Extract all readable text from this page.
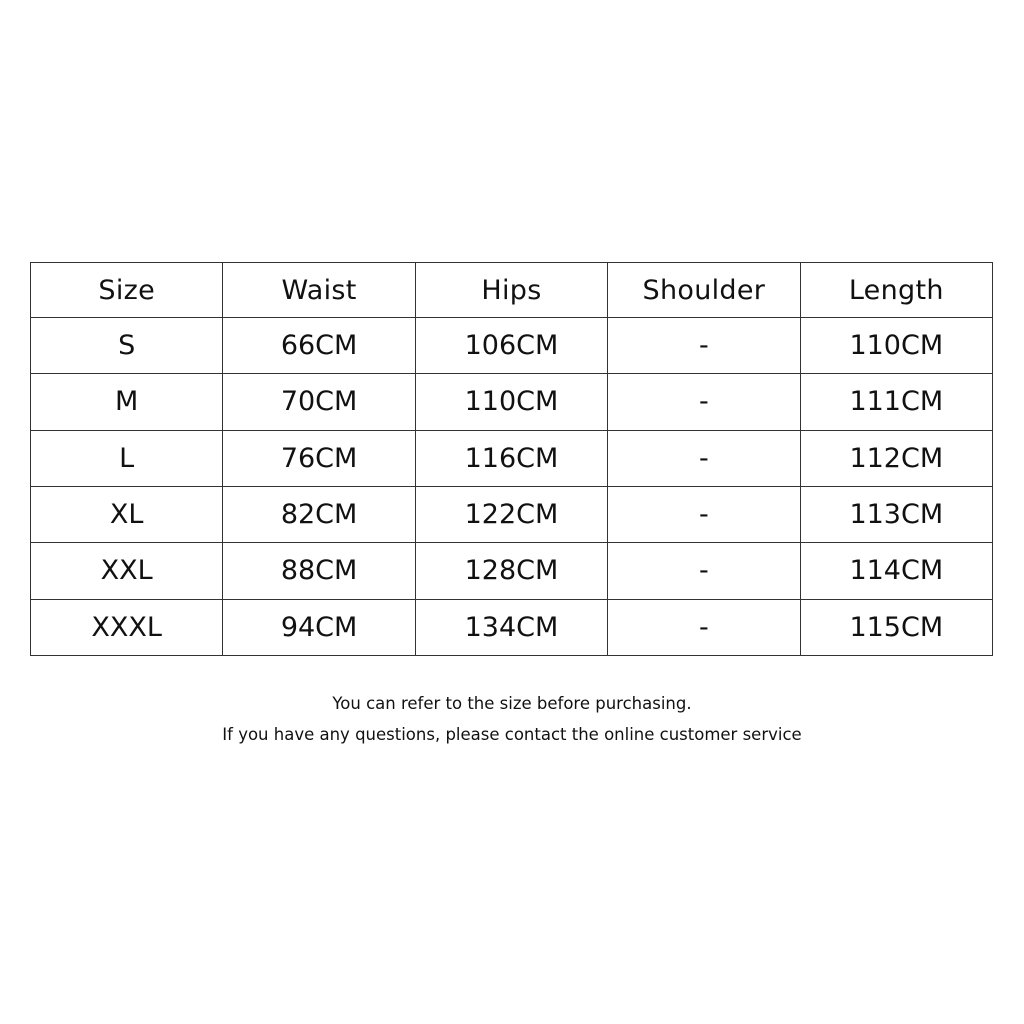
Size	Waist	Hips	Shoulder	Length
S	66CM	106CM	-	110CM
M	70CM	110CM	-	111CM
L	76CM	116CM	-	112CM
XL	82CM	122CM	-	113CM
XXL	88CM	128CM	-	114CM
XXXL	94CM	134CM	-	115CM
You can refer to the size before purchasing.
If you have any questions, please contact the online customer service
